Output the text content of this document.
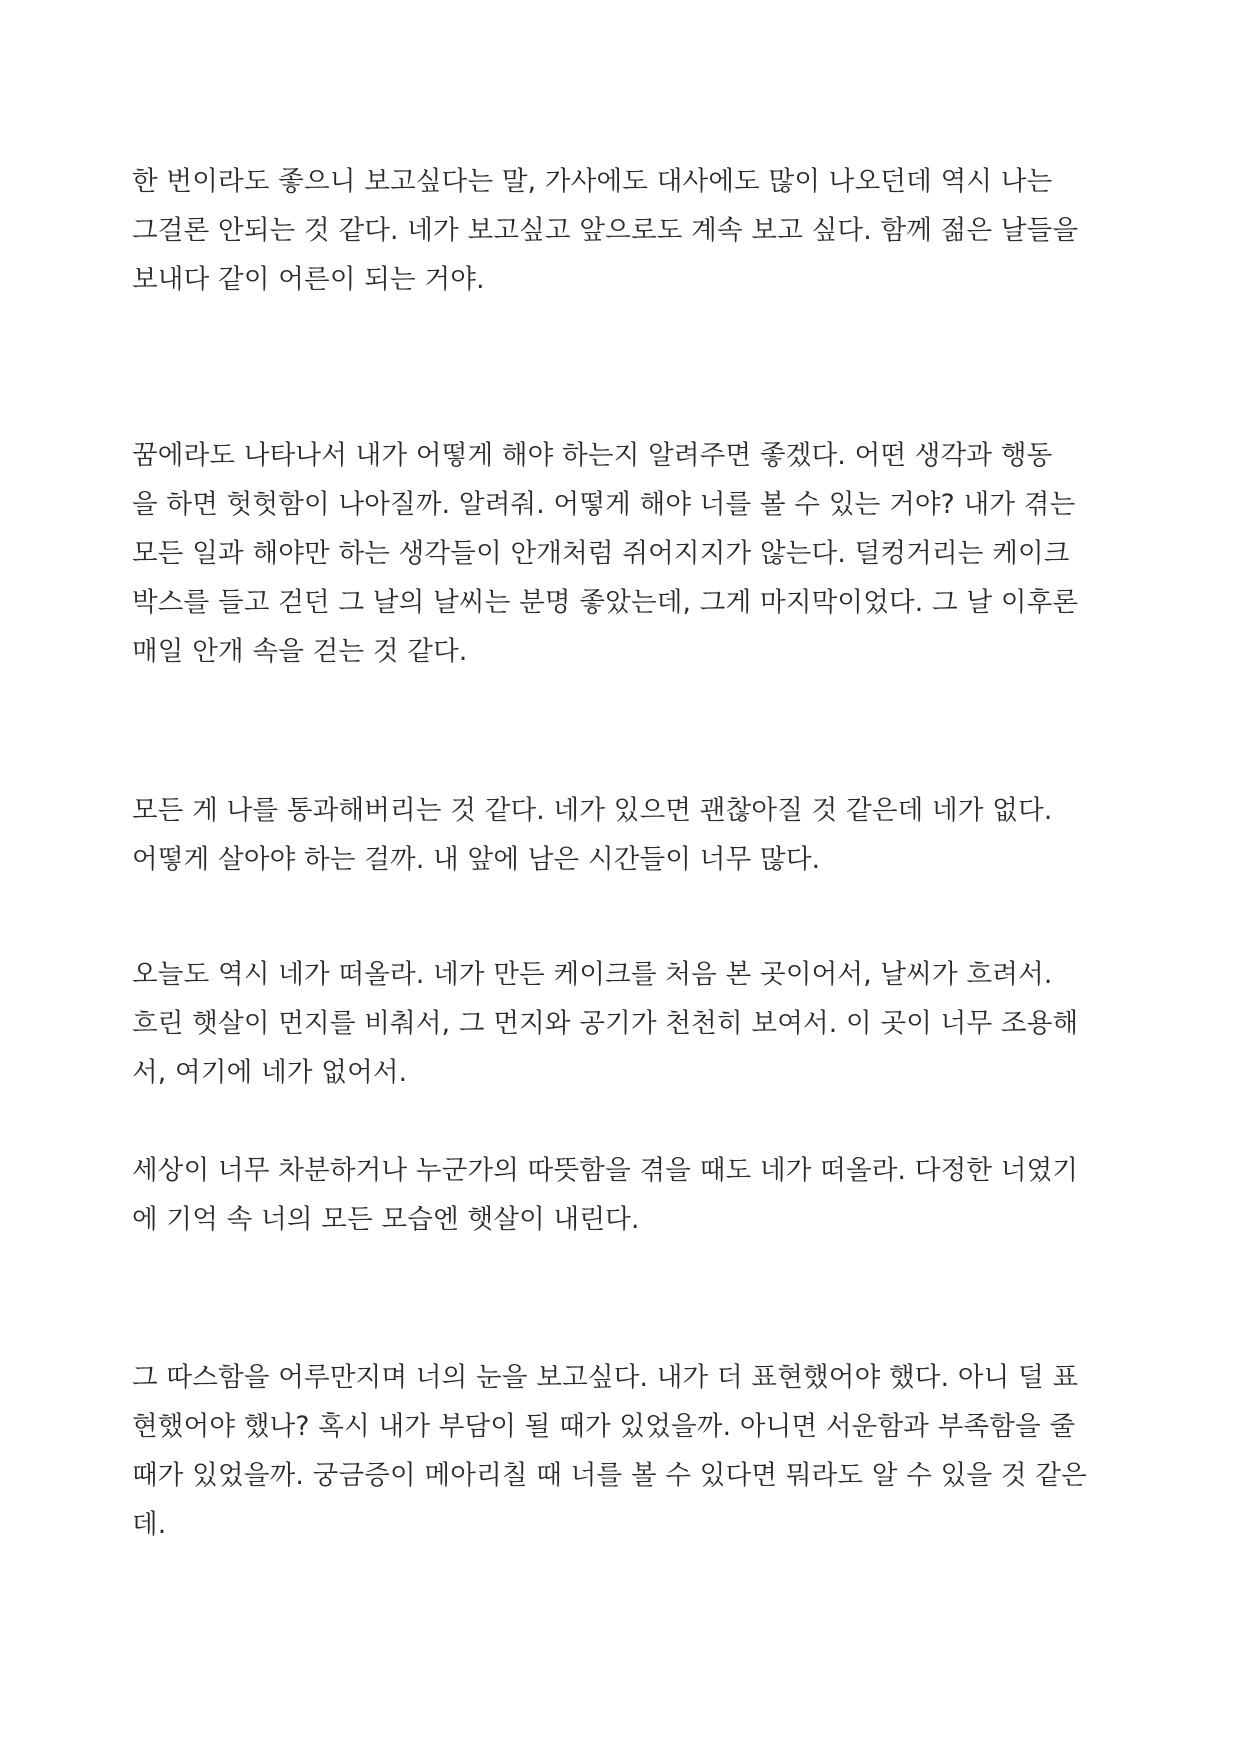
한 번이라도 좋으니 보고싶다는 말, 가사에도 대사에도 많이 나오던데 역시 나는
그걸론 안되는 것 같다. 네가 보고싶고 앞으로도 계속 보고 싶다. 함께 젊은 날들을
보내다 같이 어른이 되는 거야.

꿈에라도 나타나서 내가 어떻게 해야 하는지 알려주면 좋겠다. 어떤 생각과 행동
을 하면 헛헛함이 나아질까. 알려줘. 어떻게 해야 너를 볼 수 있는 거야? 내가 겪는
모든 일과 해야만 하는 생각들이 안개처럼 쥐어지지가 않는다. 덜컹거리는 케이크
박스를 들고 걷던 그 날의 날씨는 분명 좋았는데, 그게 마지막이었다. 그 날 이후론
매일 안개 속을 걷는 것 같다.

모든 게 나를 통과해버리는 것 같다. 네가 있으면 괜찮아질 것 같은데 네가 없다.
어떻게 살아야 하는 걸까. 내 앞에 남은 시간들이 너무 많다.

오늘도 역시 네가 떠올라. 네가 만든 케이크를 처음 본 곳이어서, 날씨가 흐려서.
흐린 햇살이 먼지를 비춰서, 그 먼지와 공기가 천천히 보여서. 이 곳이 너무 조용해
서, 여기에 네가 없어서.

세상이 너무 차분하거나 누군가의 따뜻함을 겪을 때도 네가 떠올라. 다정한 너였기
에 기억 속 너의 모든 모습엔 햇살이 내린다.

그 따스함을 어루만지며 너의 눈을 보고싶다. 내가 더 표현했어야 했다. 아니 덜 표
현했어야 했나? 혹시 내가 부담이 될 때가 있었을까. 아니면 서운함과 부족함을 줄
때가 있었을까. 궁금증이 메아리칠 때 너를 볼 수 있다면 뭐라도 알 수 있을 것 같은
데.
